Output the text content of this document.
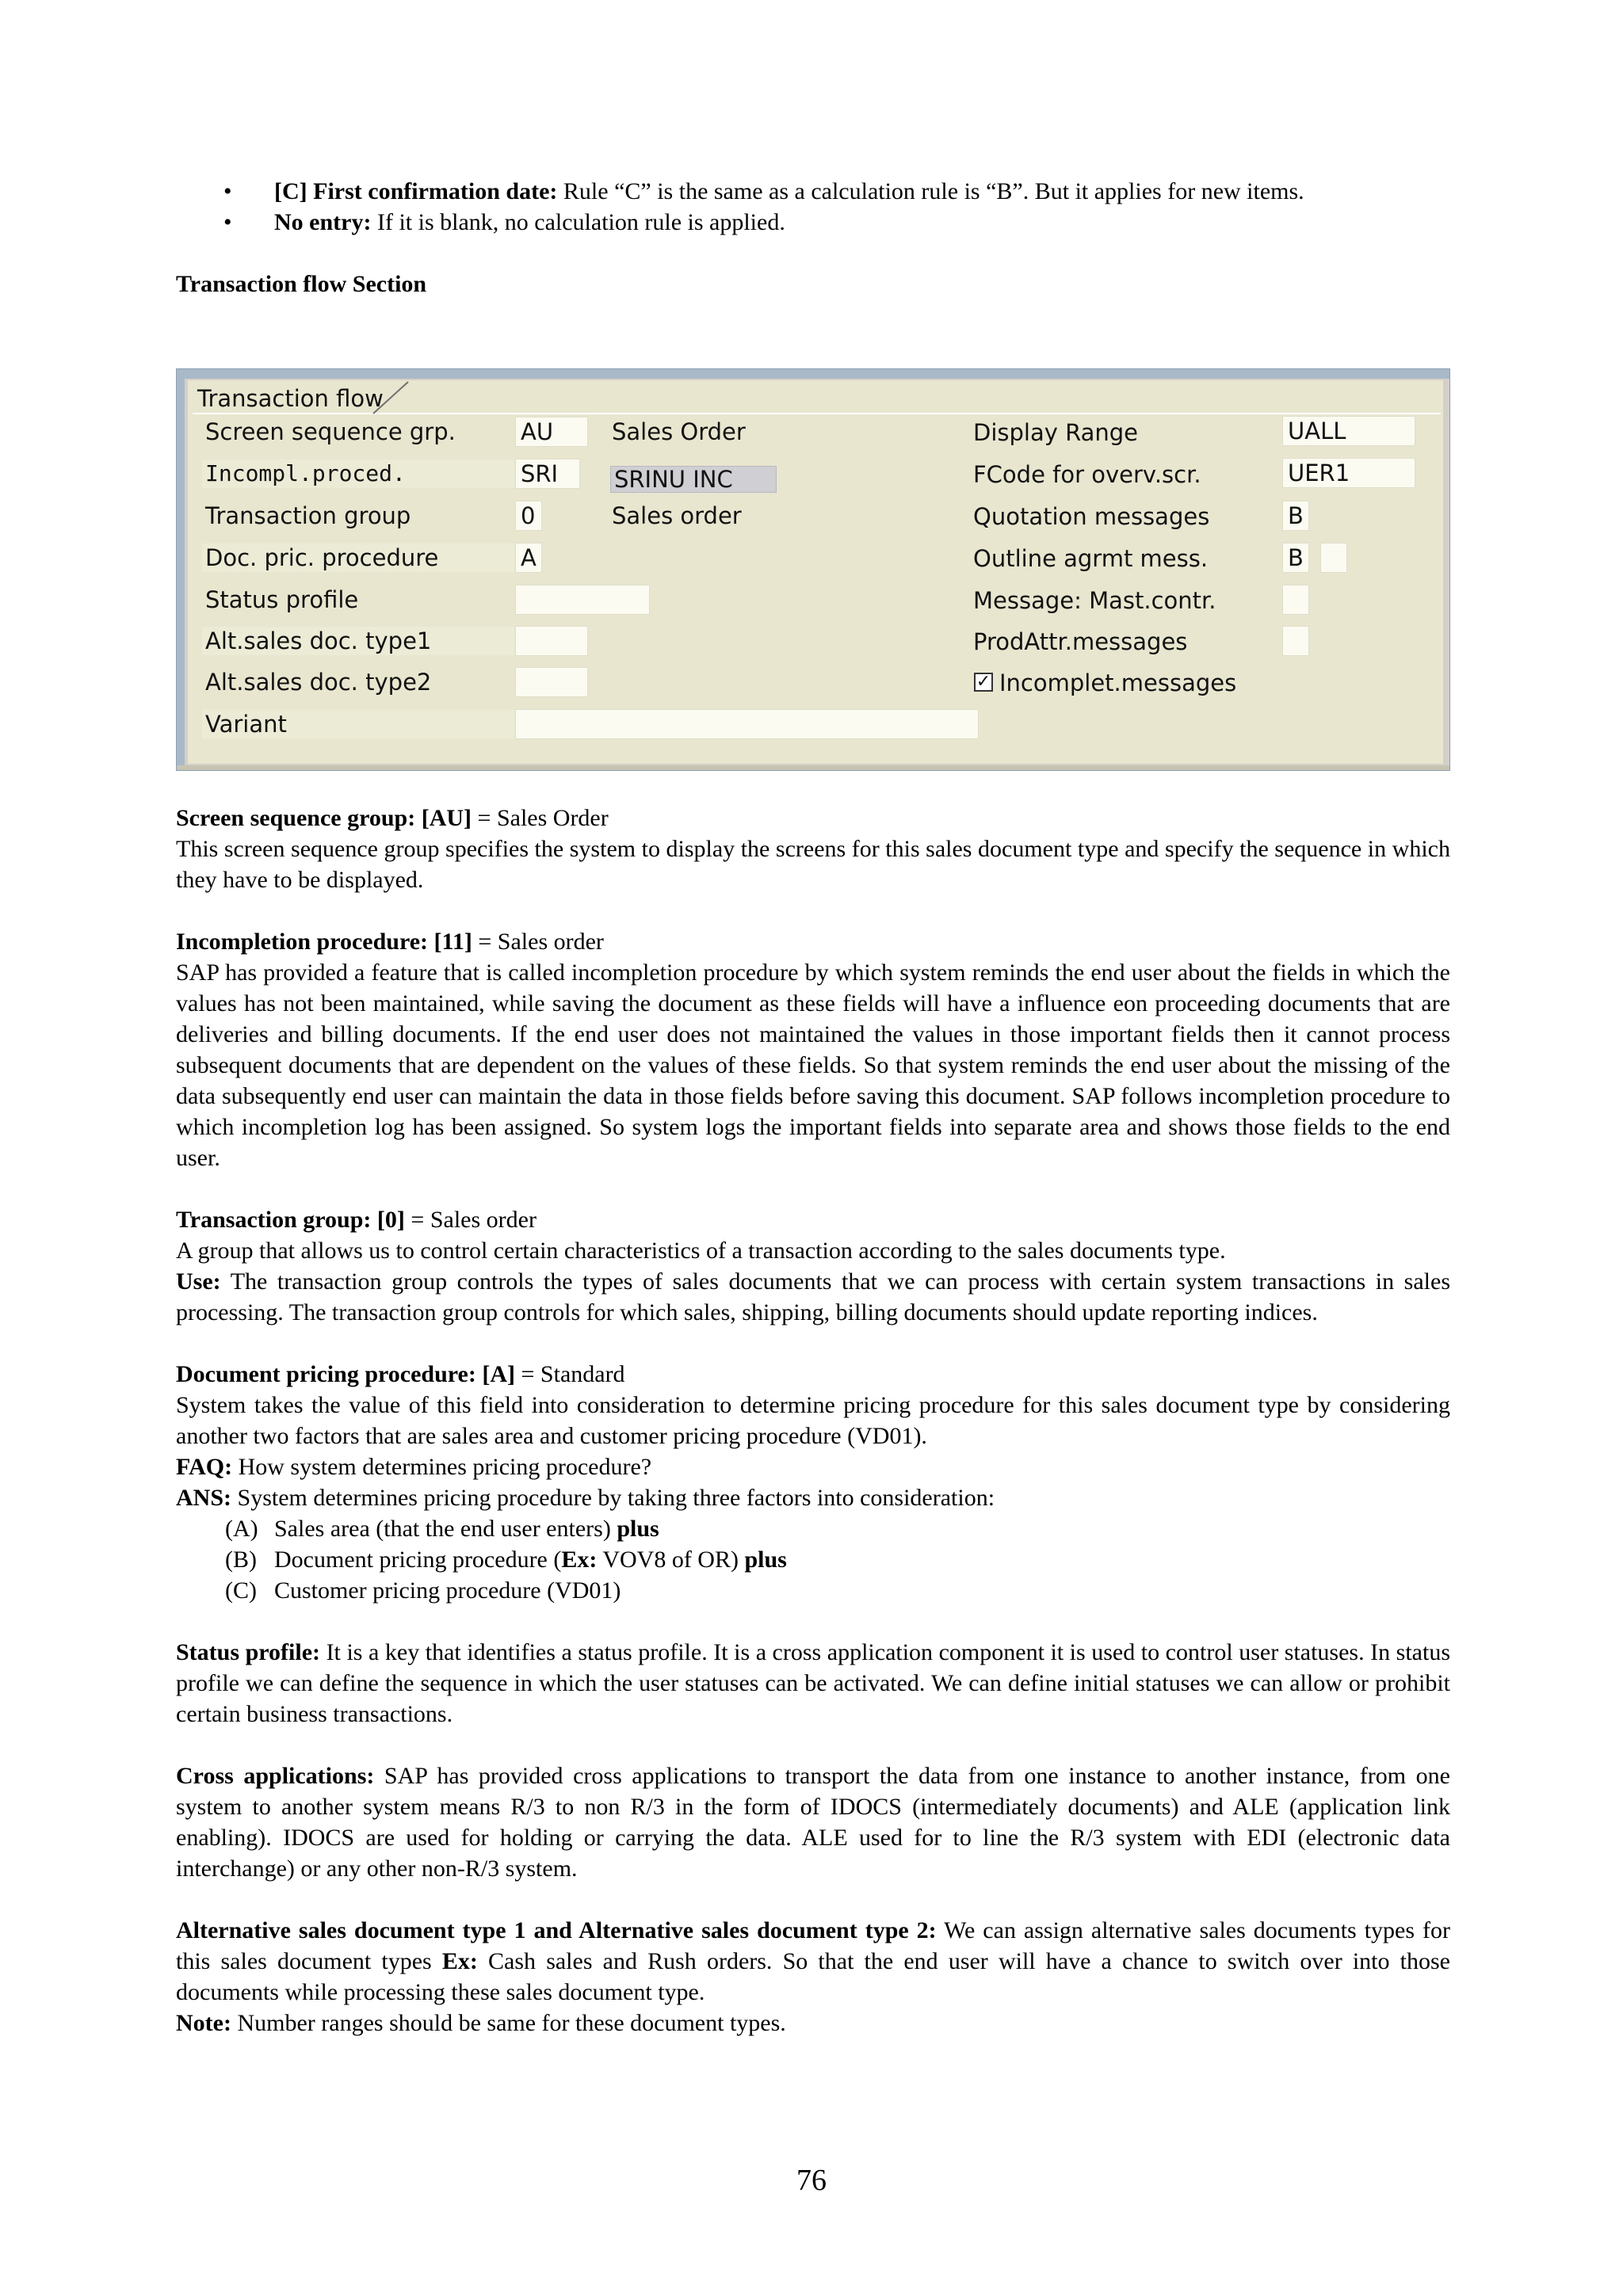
• [C] First confirmation date: Rule “C” is the same as a calculation rule is “B”. But it applies for new items.
• No entry: If it is blank, no calculation rule is applied.

Transaction flow Section

Transaction flow
Screen sequence grp.
Incompl.proced.
Transaction group
Doc. pric. procedure
Status profile
Alt.sales doc. type1
Alt.sales doc. type2
Variant
AU
SRI
0
A
Sales Order
SRINU INC
Sales order
Display Range
FCode for overv.scr.
Quotation messages
Outline agrmt mess.
Message: Mast.contr.
ProdAttr.messages
✓ Incomplet.messages
UALL
UER1
B
B

Screen sequence group: [AU] = Sales Order

This screen sequence group specifies the system to display the screens for this sales document type and specify the sequence in which they have to be displayed.

Incompletion procedure: [11] = Sales order

SAP has provided a feature that is called incompletion procedure by which system reminds the end user about the fields in which the values has not been maintained, while saving the document as these fields will have a influence eon proceeding documents that are deliveries and billing documents. If the end user does not maintained the values in those important fields then it cannot process subsequent documents that are dependent on the values of these fields. So that system reminds the end user about the missing of the data subsequently end user can maintain the data in those fields before saving this document. SAP follows incompletion procedure to which incompletion log has been assigned. So system logs the important fields into separate area and shows those fields to the end user.

Transaction group: [0] = Sales order

A group that allows us to control certain characteristics of a transaction according to the sales documents type.

Use: The transaction group controls the types of sales documents that we can process with certain system transactions in sales processing. The transaction group controls for which sales, shipping, billing documents should update reporting indices.

Document pricing procedure: [A] = Standard

System takes the value of this field into consideration to determine pricing procedure for this sales document type by considering another two factors that are sales area and customer pricing procedure (VD01).

FAQ: How system determines pricing procedure?

ANS: System determines pricing procedure by taking three factors into consideration:

(A) Sales area (that the end user enters) plus
(B) Document pricing procedure (Ex: VOV8 of OR) plus
(C) Customer pricing procedure (VD01)

Status profile: It is a key that identifies a status profile. It is a cross application component it is used to control user statuses. In status profile we can define the sequence in which the user statuses can be activated. We can define initial statuses we can allow or prohibit certain business transactions.

Cross applications: SAP has provided cross applications to transport the data from one instance to another instance, from one system to another system means R/3 to non R/3 in the form of IDOCS (intermediately documents) and ALE (application link enabling). IDOCS are used for holding or carrying the data. ALE used for to line the R/3 system with EDI (electronic data interchange) or any other non-R/3 system.

Alternative sales document type 1 and Alternative sales document type 2: We can assign alternative sales documents types for this sales document types Ex: Cash sales and Rush orders. So that the end user will have a chance to switch over into those documents while processing these sales document type.

Note: Number ranges should be same for these document types.

76
